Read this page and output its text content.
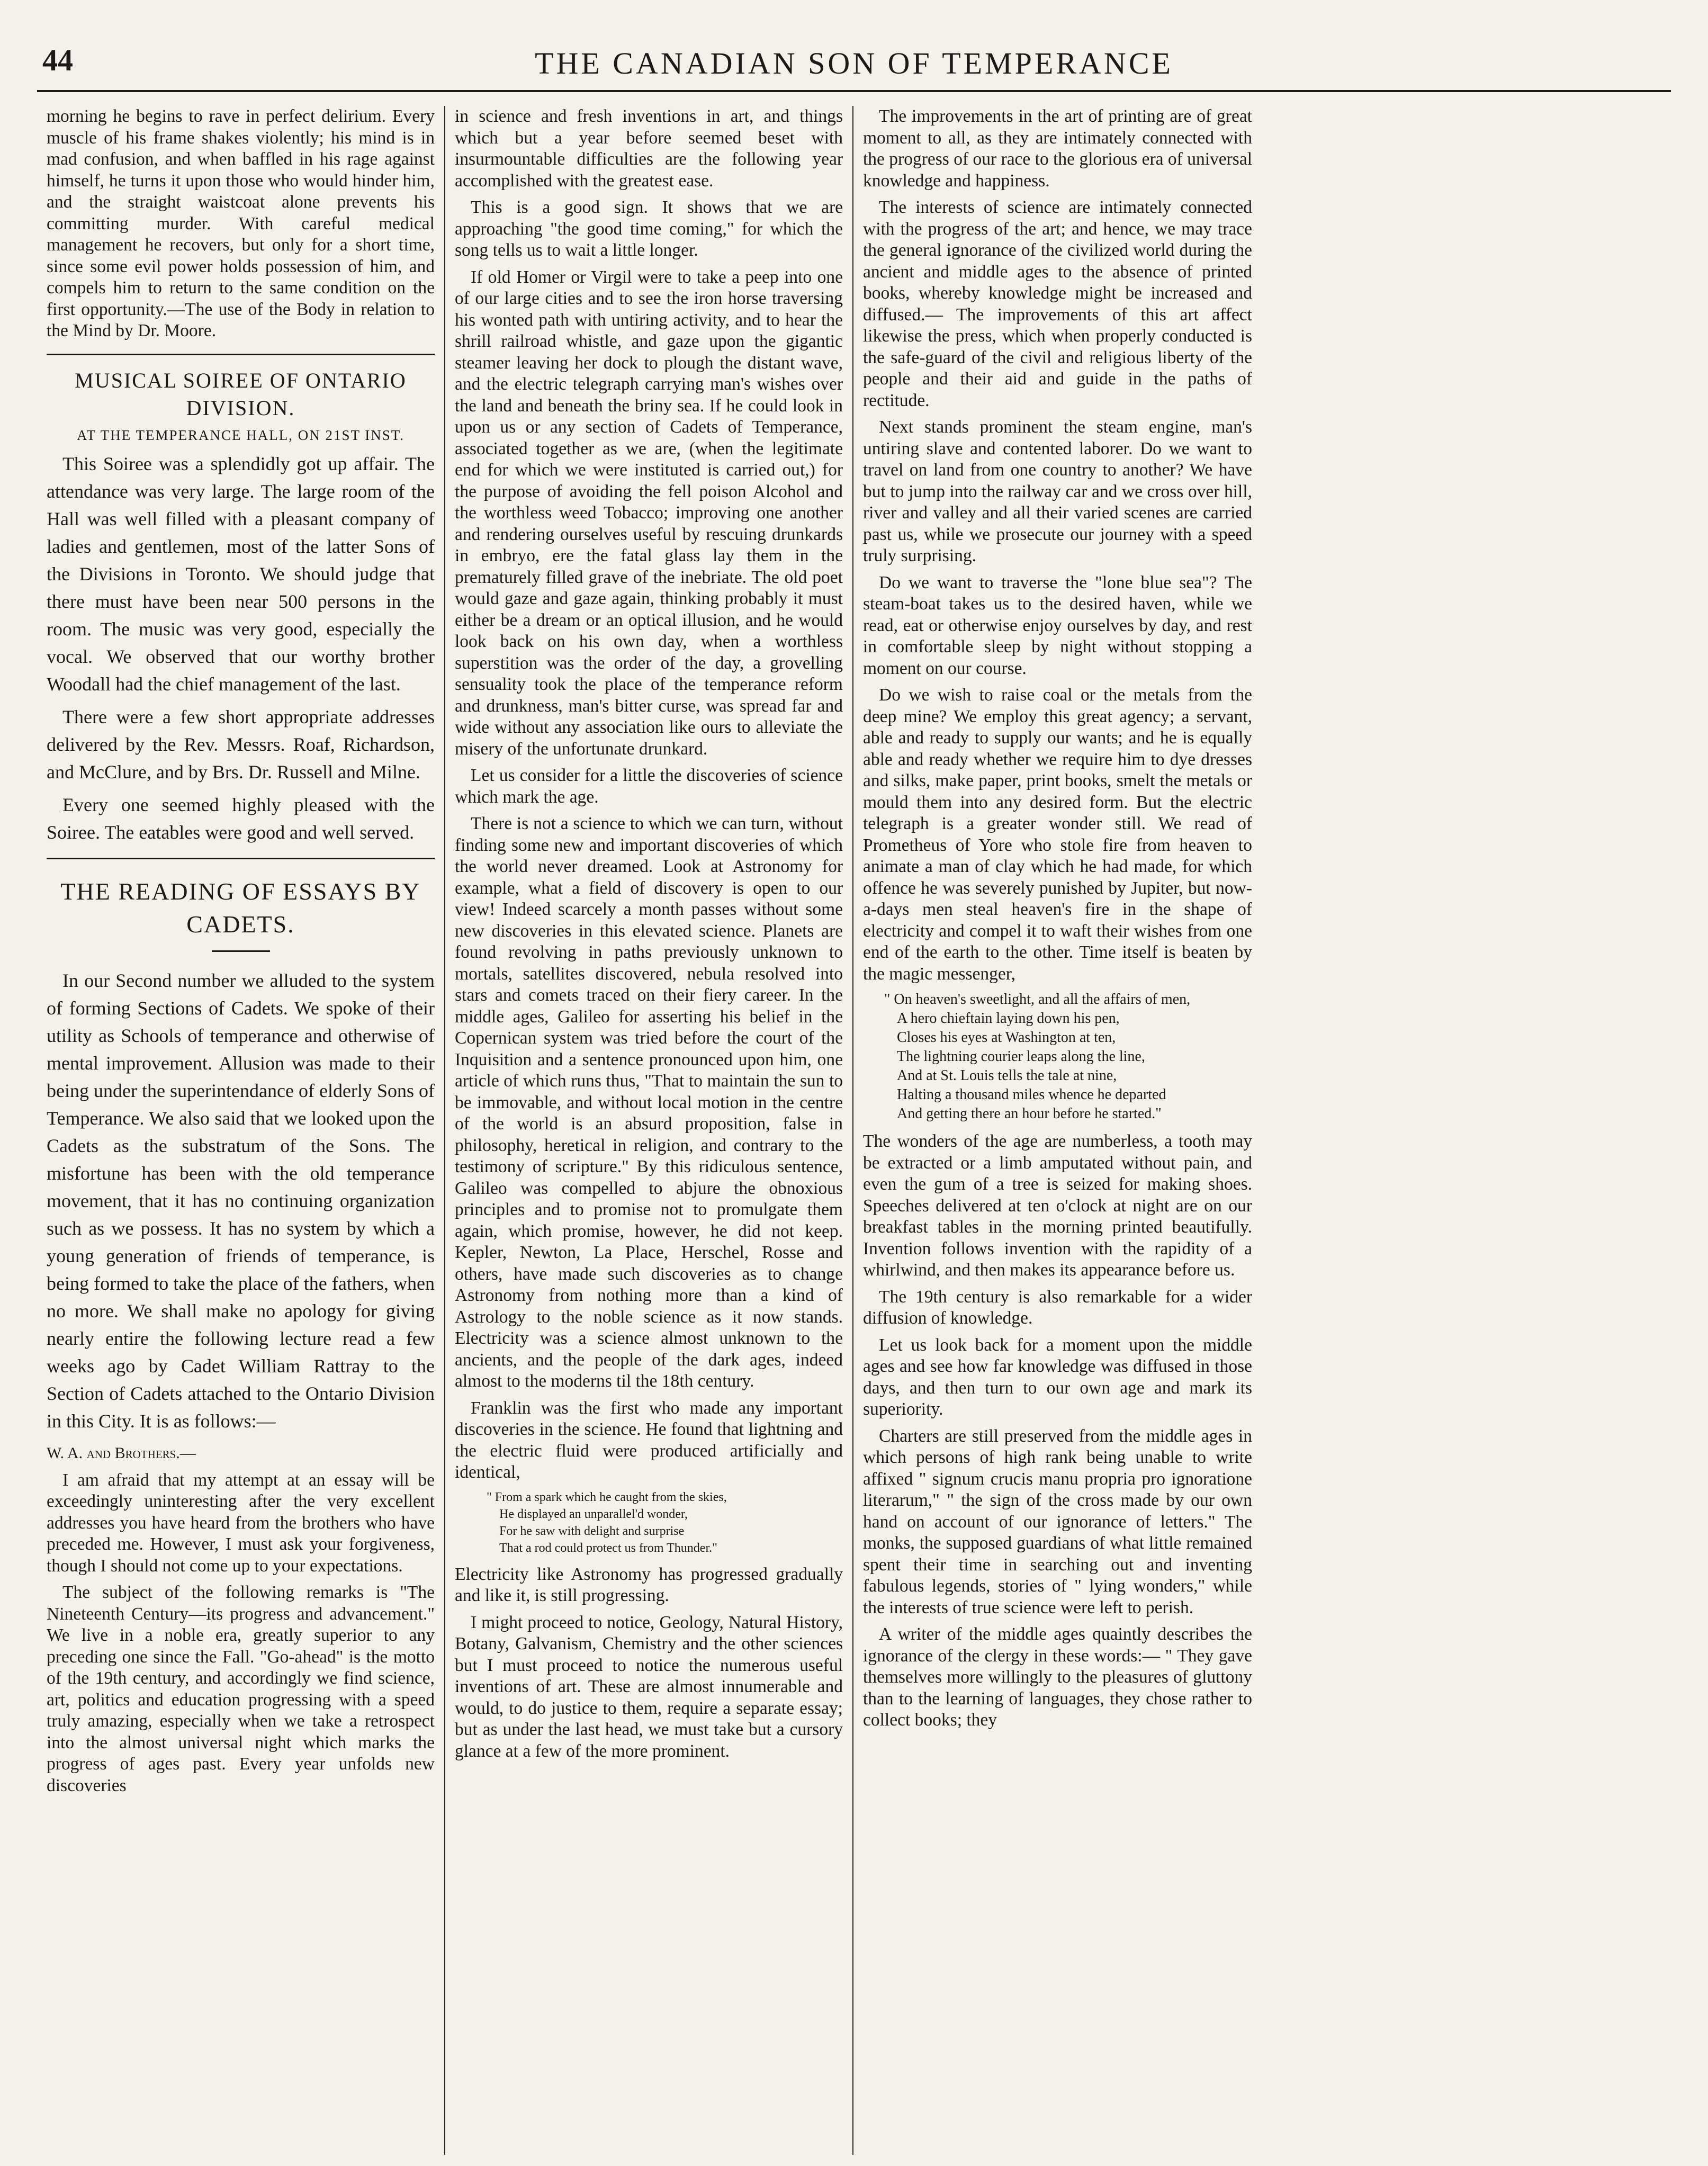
44	THE CANADIAN SON OF TEMPERANCE

morning he begins to rave in perfect delirium. Every muscle of his frame shakes violently; his mind is in mad confusion, and when baffled in his rage against himself, he turns it upon those who would hinder him, and the straight waistcoat alone prevents his committing murder. With careful medical management he recovers, but only for a short time, since some evil power holds possession of him, and compels him to return to the same condition on the first opportunity.—The use of the Body in relation to the Mind by Dr. Moore.

MUSICAL SOIREE OF ONTARIO DIVISION.
AT THE TEMPERANCE HALL, ON 21ST INST.

This Soiree was a splendidly got up affair. The attendance was very large. The large room of the Hall was well filled with a pleasant company of ladies and gentlemen, most of the latter Sons of the Divisions in Toronto. We should judge that there must have been near 500 persons in the room. The music was very good, especially the vocal. We observed that our worthy brother Woodall had the chief management of the last.

There were a few short appropriate addresses delivered by the Rev. Messrs. Roaf, Richardson, and McClure, and by Brs. Dr. Russell and Milne.

Every one seemed highly pleased with the Soiree. The eatables were good and well served.

THE READING OF ESSAYS BY CADETS.

In our Second number we alluded to the system of forming Sections of Cadets. We spoke of their utility as Schools of temperance and otherwise of mental improvement. Allusion was made to their being under the superintendance of elderly Sons of Temperance. We also said that we looked upon the Cadets as the substratum of the Sons. The misfortune has been with the old temperance movement, that it has no continuing organization such as we possess. It has no system by which a young generation of friends of temperance, is being formed to take the place of the fathers, when no more. We shall make no apology for giving nearly entire the following lecture read a few weeks ago by Cadet William Rattray to the Section of Cadets attached to the Ontario Division in this City. It is as follows:—

W. A. and Brothers.—

I am afraid that my attempt at an essay will be exceedingly uninteresting after the very excellent addresses you have heard from the brothers who have preceded me. However, I must ask your forgiveness, though I should not come up to your expectations.

The subject of the following remarks is "The Nineteenth Century—its progress and advancement." We live in a noble era, greatly superior to any preceding one since the Fall. "Go-ahead" is the motto of the 19th century, and accordingly we find science, art, politics and education progressing with a speed truly amazing, especially when we take a retrospect into the almost universal night which marks the progress of ages past. Every year unfolds new discoveries

in science and fresh inventions in art, and things which but a year before seemed beset with insurmountable difficulties are the following year accomplished with the greatest ease.

This is a good sign. It shows that we are approaching "the good time coming," for which the song tells us to wait a little longer.

If old Homer or Virgil were to take a peep into one of our large cities and to see the iron horse traversing his wonted path with untiring activity, and to hear the shrill railroad whistle, and gaze upon the gigantic steamer leaving her dock to plough the distant wave, and the electric telegraph carrying man's wishes over the land and beneath the briny sea. If he could look in upon us or any section of Cadets of Temperance, associated together as we are, (when the legitimate end for which we were instituted is carried out,) for the purpose of avoiding the fell poison Alcohol and the worthless weed Tobacco; improving one another and rendering ourselves useful by rescuing drunkards in embryo, ere the fatal glass lay them in the prematurely filled grave of the inebriate. The old poet would gaze and gaze again, thinking probably it must either be a dream or an optical illusion, and he would look back on his own day, when a worthless superstition was the order of the day, a grovelling sensuality took the place of the temperance reform and drunkness, man's bitter curse, was spread far and wide without any association like ours to alleviate the misery of the unfortunate drunkard.

Let us consider for a little the discoveries of science which mark the age.

There is not a science to which we can turn, without finding some new and important discoveries of which the world never dreamed. Look at Astronomy for example, what a field of discovery is open to our view! Indeed scarcely a month passes without some new discoveries in this elevated science. Planets are found revolving in paths previously unknown to mortals, satellites discovered, nebula resolved into stars and comets traced on their fiery career. In the middle ages, Galileo for asserting his belief in the Copernican system was tried before the court of the Inquisition and a sentence pronounced upon him, one article of which runs thus, "That to maintain the sun to be immovable, and without local motion in the centre of the world is an absurd proposition, false in philosophy, heretical in religion, and contrary to the testimony of scripture." By this ridiculous sentence, Galileo was compelled to abjure the obnoxious principles and to promise not to promulgate them again, which promise, however, he did not keep. Kepler, Newton, La Place, Herschel, Rosse and others, have made such discoveries as to change Astronomy from nothing more than a kind of Astrology to the noble science as it now stands. Electricity was a science almost unknown to the ancients, and the people of the dark ages, indeed almost to the moderns til the 18th century.

Franklin was the first who made any important discoveries in the science. He found that lightning and the electric fluid were produced artificially and identical,

" From a spark which he caught from the skies,
He displayed an unparallel'd wonder,
For he saw with delight and surprise
That a rod could protect us from Thunder."

Electricity like Astronomy has progressed gradually and like it, is still progressing.

I might proceed to notice, Geology, Natural History, Botany, Galvanism, Chemistry and the other sciences but I must proceed to notice the numerous useful inventions of art. These are almost innumerable and would, to do justice to them, require a separate essay; but as under the last head, we must take but a cursory glance at a few of the more prominent.

The improvements in the art of printing are of great moment to all, as they are intimately connected with the progress of our race to the glorious era of universal knowledge and happiness.

The interests of science are intimately connected with the progress of the art; and hence, we may trace the general ignorance of the civilized world during the ancient and middle ages to the absence of printed books, whereby knowledge might be increased and diffused.— The improvements of this art affect likewise the press, which when properly conducted is the safe-guard of the civil and religious liberty of the people and their aid and guide in the paths of rectitude.

Next stands prominent the steam engine, man's untiring slave and contented laborer. Do we want to travel on land from one country to another? We have but to jump into the railway car and we cross over hill, river and valley and all their varied scenes are carried past us, while we prosecute our journey with a speed truly surprising.

Do we want to traverse the "lone blue sea"? The steam-boat takes us to the desired haven, while we read, eat or otherwise enjoy ourselves by day, and rest in comfortable sleep by night without stopping a moment on our course.

Do we wish to raise coal or the metals from the deep mine? We employ this great agency; a servant, able and ready to supply our wants; and he is equally able and ready whether we require him to dye dresses and silks, make paper, print books, smelt the metals or mould them into any desired form. But the electric telegraph is a greater wonder still. We read of Prometheus of Yore who stole fire from heaven to animate a man of clay which he had made, for which offence he was severely punished by Jupiter, but now-a-days men steal heaven's fire in the shape of electricity and compel it to waft their wishes from one end of the earth to the other. Time itself is beaten by the magic messenger,

" On heaven's sweetlight, and all the affairs of men,
A hero chieftain laying down his pen,
Closes his eyes at Washington at ten,
The lightning courier leaps along the line,
And at St. Louis tells the tale at nine,
Halting a thousand miles whence he departed
And getting there an hour before he started."

The wonders of the age are numberless, a tooth may be extracted or a limb amputated without pain, and even the gum of a tree is seized for making shoes. Speeches delivered at ten o'clock at night are on our breakfast tables in the morning printed beautifully. Invention follows invention with the rapidity of a whirlwind, and then makes its appearance before us.

The 19th century is also remarkable for a wider diffusion of knowledge.

Let us look back for a moment upon the middle ages and see how far knowledge was diffused in those days, and then turn to our own age and mark its superiority.

Charters are still preserved from the middle ages in which persons of high rank being unable to write affixed " signum crucis manu propria pro ignoratione literarum," " the sign of the cross made by our own hand on account of our ignorance of letters." The monks, the supposed guardians of what little remained spent their time in searching out and inventing fabulous legends, stories of " lying wonders," while the interests of true science were left to perish.

A writer of the middle ages quaintly describes the ignorance of the clergy in these words:— " They gave themselves more willingly to the pleasures of gluttony than to the learning of languages, they chose rather to collect books; they
